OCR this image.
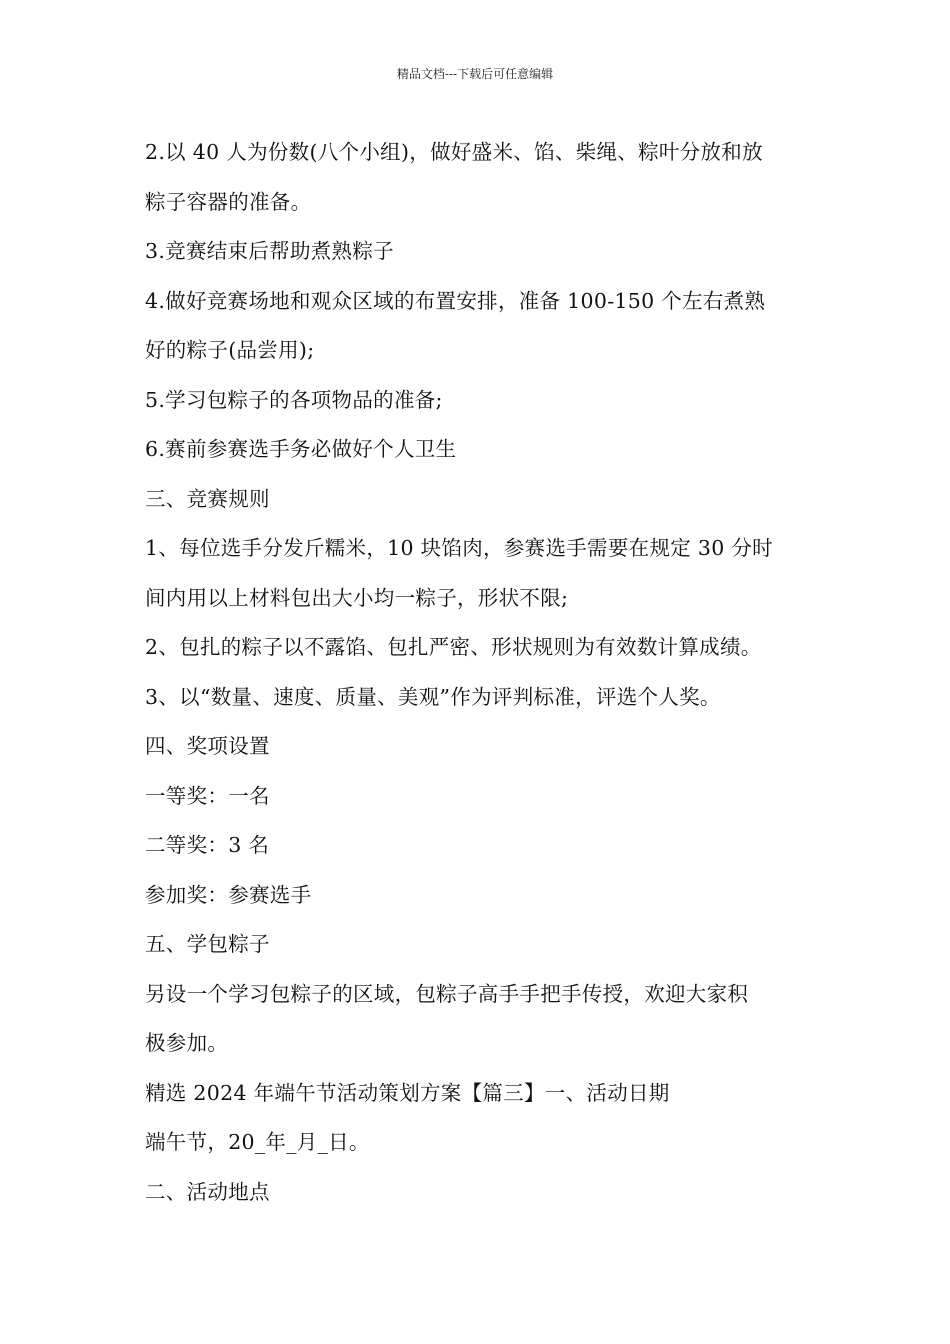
精品文档---下载后可任意编辑
2.以 40 人为份数(八个小组)，做好盛米、馅、柴绳、粽叶分放和放
粽子容器的准备。
3.竞赛结束后帮助煮熟粽子
4.做好竞赛场地和观众区域的布置安排，准备 100-150 个左右煮熟
好的粽子(品尝用);
5.学习包粽子的各项物品的准备;
6.赛前参赛选手务必做好个人卫生
三、竞赛规则
1、每位选手分发斤糯米，10 块馅肉，参赛选手需要在规定 30 分时
间内用以上材料包出大小均一粽子，形状不限;
2、包扎的粽子以不露馅、包扎严密、形状规则为有效数计算成绩。
3、以“数量、速度、质量、美观”作为评判标准，评选个人奖。
四、奖项设置
一等奖：一名
二等奖：3 名
参加奖：参赛选手
五、学包粽子
另设一个学习包粽子的区域，包粽子高手手把手传授，欢迎大家积
极参加。
精选 2024 年端午节活动策划方案【篇三】一、活动日期
端午节，20_年_月_日。
二、活动地点
